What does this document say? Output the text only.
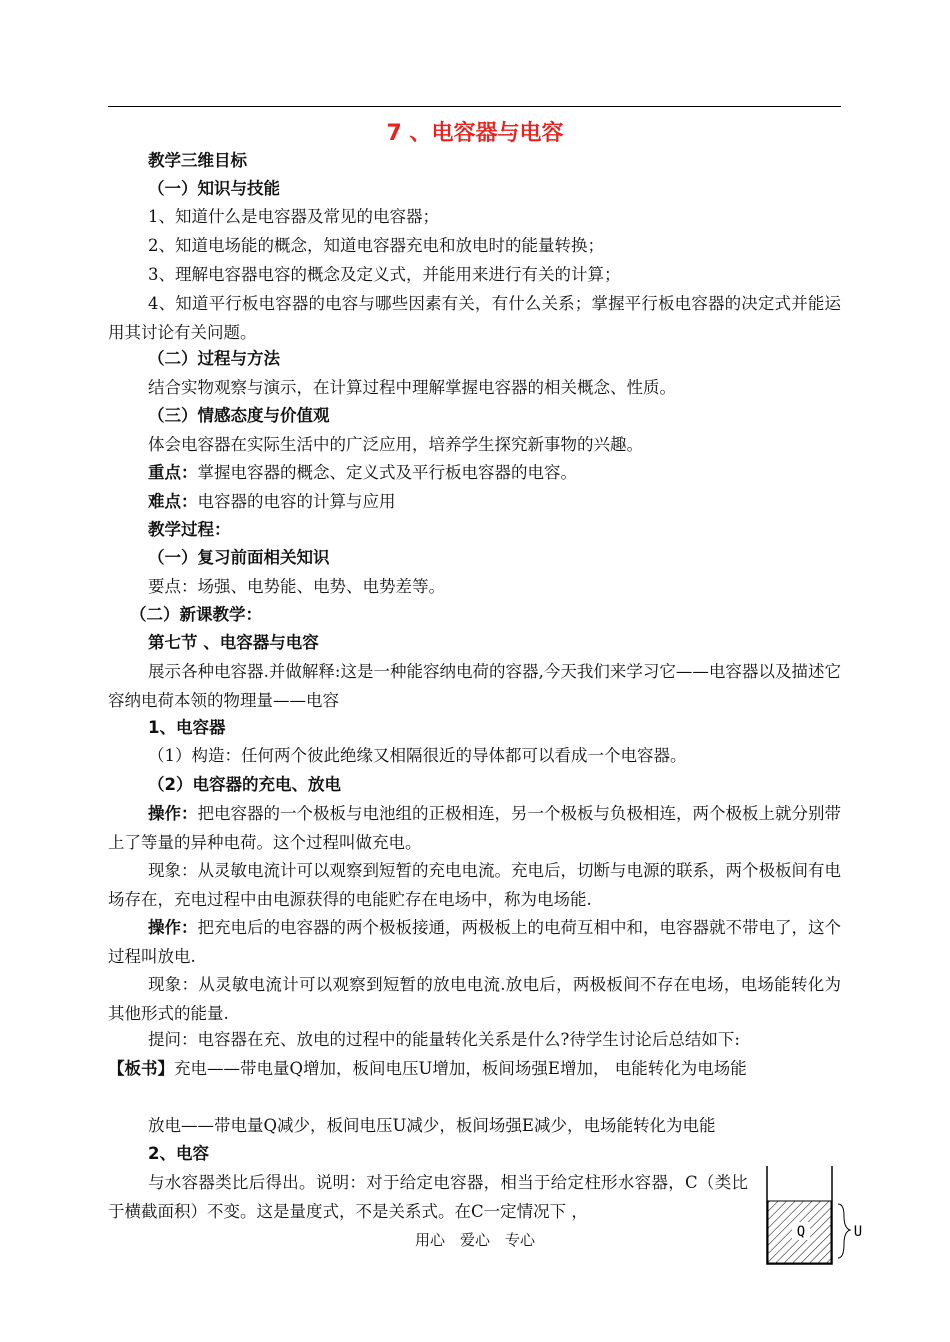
7 、电容器与电容
教学三维目标
（一）知识与技能
1、知道什么是电容器及常见的电容器；
2、知道电场能的概念，知道电容器充电和放电时的能量转换；
3、理解电容器电容的概念及定义式，并能用来进行有关的计算；
4、知道平行板电容器的电容与哪些因素有关，有什么关系；掌握平行板电容器的决定式并能运用其讨论有关问题。
（二）过程与方法
结合实物观察与演示，在计算过程中理解掌握电容器的相关概念、性质。
（三）情感态度与价值观
体会电容器在实际生活中的广泛应用，培养学生探究新事物的兴趣。
重点：掌握电容器的概念、定义式及平行板电容器的电容。
难点：电容器的电容的计算与应用
教学过程：
（一）复习前面相关知识
要点：场强、电势能、电势、电势差等。
（二）新课教学：
第七节 、电容器与电容
展示各种电容器.并做解释:这是一种能容纳电荷的容器,今天我们来学习它——电容器以及描述它容纳电荷本领的物理量——电容
1、电容器
（1）构造：任何两个彼此绝缘又相隔很近的导体都可以看成一个电容器。
（2）电容器的充电、放电
操作：把电容器的一个极板与电池组的正极相连，另一个极板与负极相连，两个极板上就分别带上了等量的异种电荷。这个过程叫做充电。
现象：从灵敏电流计可以观察到短暂的充电电流。充电后，切断与电源的联系，两个极板间有电场存在，充电过程中由电源获得的电能贮存在电场中，称为电场能.
操作：把充电后的电容器的两个极板接通，两极板上的电荷互相中和，电容器就不带电了，这个过程叫放电.
现象：从灵敏电流计可以观察到短暂的放电电流.放电后，两极板间不存在电场，电场能转化为其他形式的能量.
提问：电容器在充、放电的过程中的能量转化关系是什么?待学生讨论后总结如下:
【板书】充电——带电量Q增加，板间电压U增加，板间场强E增加， 电能转化为电场能
放电——带电量Q减少，板间电压U减少，板间场强E减少，电场能转化为电能
2、电容
与水容器类比后得出。说明：对于给定电容器，相当于给定柱形水容器，C（类比于横截面积）不变。这是量度式，不是关系式。在C一定情况下 ，
Q	U
用心　爱心　专心
